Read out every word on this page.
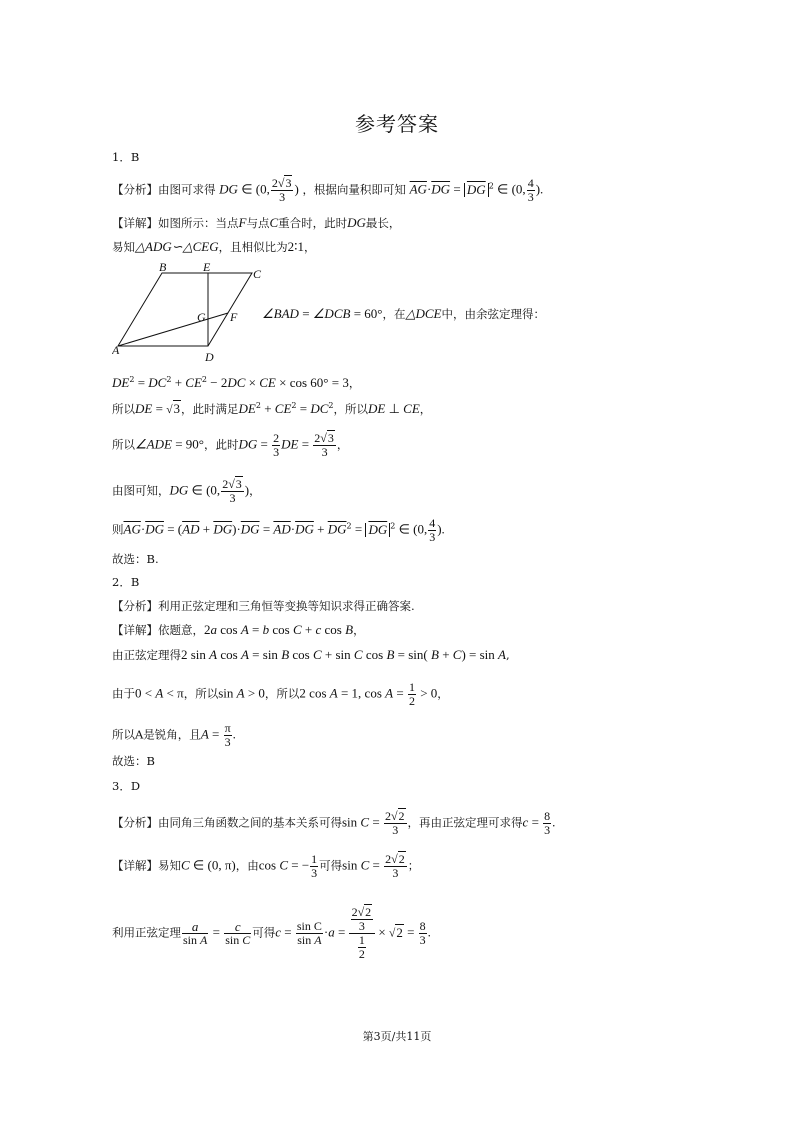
参考答案
1．B
【分析】由图可求得 DG ∈ (0, $\frac{2√3}{3}$ ) ，根据向量积即可知 $\overline{AG}\cdot\overline{DG} = \overline{DG}$ $^2$ ∈ (0, $\frac{4}{3}$ ).
【详解】如图所示：当点F与点C重合时，此时DG最长，
易知△ADG∽△CEG，且相似比为2∶1，
B	E	C
G F
A	D
∠BAD = ∠DCB = 60°，在△DCE中，由余弦定理得：
$DE^2 = DC^2 + CE^2 - 2DC$ × CE × cos 60° = 3，
所以DE = √3，此时满足$DE^2 + CE^2 = DC^2$，所以DE ⊥ CE，
所以∠ADE = 90°，此时DG = $\frac{2}{3}$ DE = $\frac{2√3}{3}$ ，
由图可知，DG ∈ (0, $\frac{2√3}{3}$ )，
则$\overline{AG}\cdot\overline{DG} = (\overline{AD} + \overline{DG})\cdot\overline{DG} = \overline{AD}\cdot\overline{DG} + \overline{DG}^2 = \overline{DG}$ $^2$ ∈ (0, $\frac{4}{3}$ ).
故选：B.
2．B
【分析】利用正弦定理和三角恒等变换等知识求得正确答案.
【详解】依题意，2a cos A = b cos C + c cos B，
由正弦定理得2 sin A cos A = sin B cos C + sin C cos B = sin( B + C) = sin A,
由于0 < A < π，所以sin A > 0，所以2 cos A = 1, $\cos A = \frac{1}{2} > 0$，
所以A是锐角，且$A = \frac{\pi}{3}$ .
故选：B
3．D
【分析】由同角三角函数之间的基本关系可得$\sin C = \frac{2√2}{3}$ ，再由正弦定理可求得$c = \frac{8}{3}$ .
【详解】易知C ∈ (0, π)，由cos C = − $\frac{1}{3}$ 可得$\sin C = \frac{2√2}{3}$ ；
利用正弦定理 $\frac{a}{\text{sin A}} = \frac{c}{\text{sin C}}$ 可得$c = \frac{\text{sin C}}{\text{sin A}} \cdot a = \frac{\frac{2√2}{3}}{\frac{1}{2}} \times √2 = \frac{8}{3}$ .
第3页/共11页
